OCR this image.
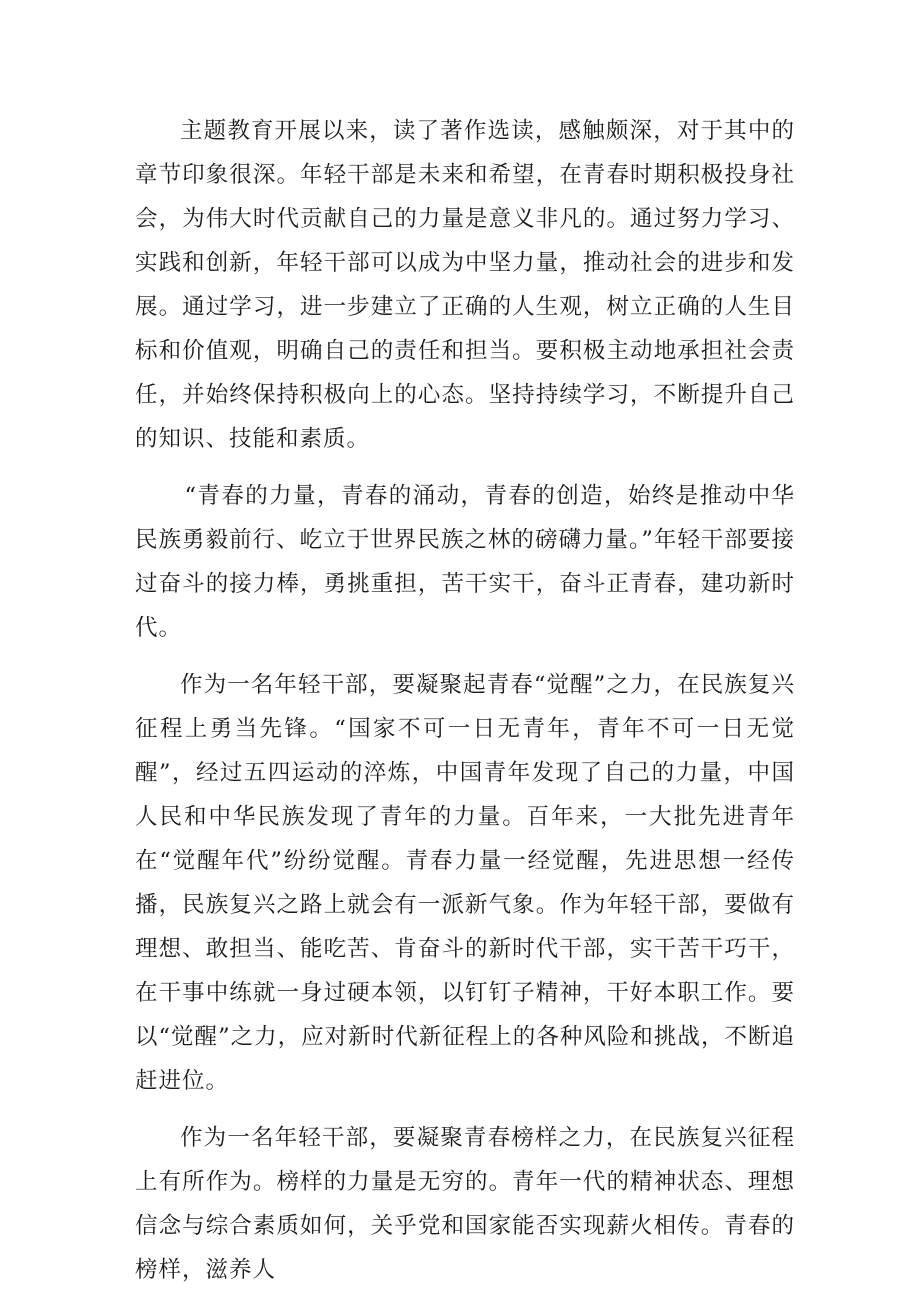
主题教育开展以来，读了著作选读，感触颇深，对于其中的章节印象很深。年轻干部是未来和希望，在青春时期积极投身社会，为伟大时代贡献自己的力量是意义非凡的。通过努力学习、实践和创新，年轻干部可以成为中坚力量，推动社会的进步和发展。通过学习，进一步建立了正确的人生观，树立正确的人生目标和价值观，明确自己的责任和担当。要积极主动地承担社会责任，并始终保持积极向上的心态。坚持持续学习，不断提升自己的知识、技能和素质。

“青春的力量，青春的涌动，青春的创造，始终是推动中华民族勇毅前行、屹立于世界民族之林的磅礴力量。”年轻干部要接过奋斗的接力棒，勇挑重担，苦干实干，奋斗正青春，建功新时代。

作为一名年轻干部，要凝聚起青春“觉醒”之力，在民族复兴征程上勇当先锋。“国家不可一日无青年，青年不可一日无觉醒”，经过五四运动的淬炼，中国青年发现了自己的力量，中国人民和中华民族发现了青年的力量。百年来，一大批先进青年在“觉醒年代”纷纷觉醒。青春力量一经觉醒，先进思想一经传播，民族复兴之路上就会有一派新气象。作为年轻干部，要做有理想、敢担当、能吃苦、肯奋斗的新时代干部，实干苦干巧干，在干事中练就一身过硬本领，以钉钉子精神，干好本职工作。要以“觉醒”之力，应对新时代新征程上的各种风险和挑战，不断追赶进位。

作为一名年轻干部，要凝聚青春榜样之力，在民族复兴征程上有所作为。榜样的力量是无穷的。青年一代的精神状态、理想信念与综合素质如何，关乎党和国家能否实现薪火相传。青春的榜样，滋养人
